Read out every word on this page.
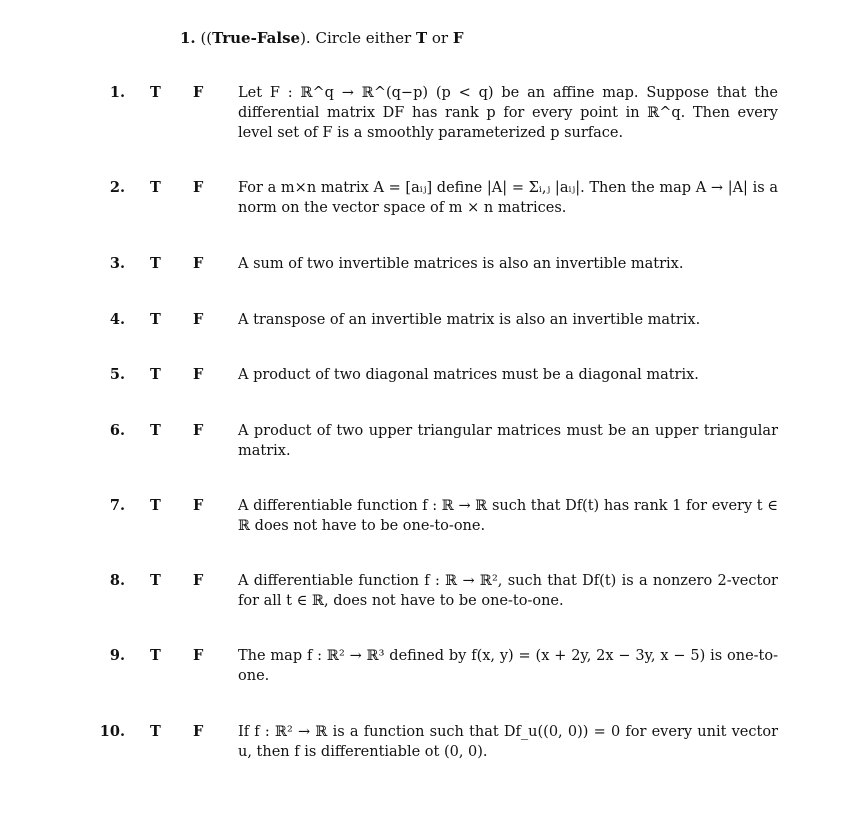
1. ((True-False). Circle either T or F
1. T F Let F : ℝ^q → ℝ^(q−p) (p < q) be an affine map. Suppose that the differential matrix DF has rank p for every point in ℝ^q. Then every level set of F is a smoothly parameterized p surface.
2. T F For a m×n matrix A = [aᵢⱼ] define |A| = Σᵢ,ⱼ |aᵢⱼ|. Then the map A → |A| is a norm on the vector space of m × n matrices.
3. T F A sum of two invertible matrices is also an invertible matrix.
4. T F A transpose of an invertible matrix is also an invertible matrix.
5. T F A product of two diagonal matrices must be a diagonal matrix.
6. T F A product of two upper triangular matrices must be an upper triangular matrix.
7. T F A differentiable function f : ℝ → ℝ such that Df(t) has rank 1 for every t ∈ ℝ does not have to be one-to-one.
8. T F A differentiable function f : ℝ → ℝ², such that Df(t) is a nonzero 2-vector for all t ∈ ℝ, does not have to be one-to-one.
9. T F The map f : ℝ² → ℝ³ defined by f(x, y) = (x + 2y, 2x − 3y, x − 5) is one-to-one.
10. T F If f : ℝ² → ℝ is a function such that Df_u((0, 0)) = 0 for every unit vector u, then f is differentiable ot (0, 0).
